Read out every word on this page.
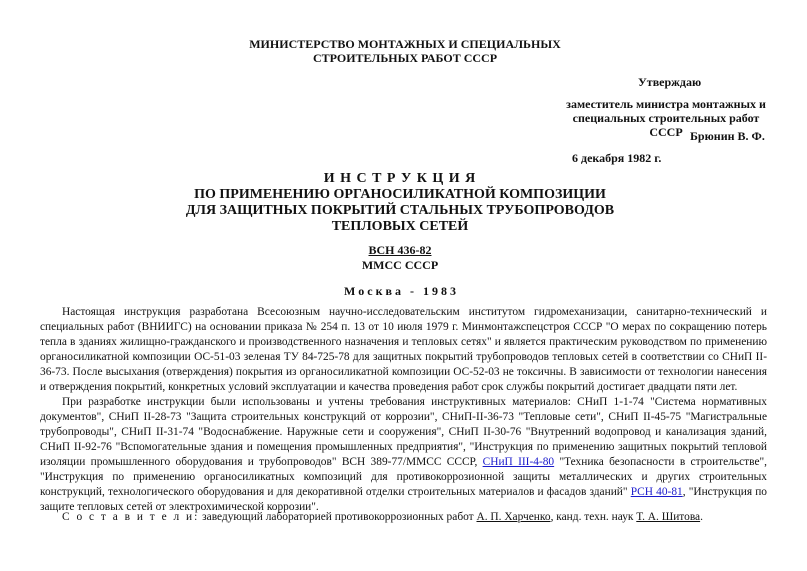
МИНИСТЕРСТВО МОНТАЖНЫХ И СПЕЦИАЛЬНЫХ
СТРОИТЕЛЬНЫХ РАБОТ СССР
Утверждаю
заместитель министра монтажных и
специальных строительных работ СССР Брюнин В. Ф.
6 декабря 1982 г.
И Н С Т Р У К Ц И Я
ПО ПРИМЕНЕНИЮ ОРГАНОСИЛИКАТНОЙ КОМПОЗИЦИИ
ДЛЯ ЗАЩИТНЫХ ПОКРЫТИЙ СТАЛЬНЫХ ТРУБОПРОВОДОВ
ТЕПЛОВЫХ СЕТЕЙ
ВСН 436-82
ММСС СССР
М о с к в а   -   1 9 8 3
Настоящая инструкция разработана Всесоюзным научно-исследовательским институтом гидромеханизации, санитарно-технический и специальных работ (ВНИИГС) на основании приказа № 254 п. 13 от 10 июля 1979 г. Минмонтажспецстроя СССР "О мерах по сокращению потерь тепла в зданиях жилищно-гражданского и производственного назначения и тепловых сетях" и является практическим руководством по применению органосиликатной композиции ОС-51-03 зеленая ТУ 84-725-78 для защитных покрытий трубопроводов тепловых сетей в соответствии со СНиП II-36-73. После высыхания (отверждения) покрытия из органосиликатной композиции ОС-52-03 не токсичны. В зависимости от технологии нанесения и отверждения покрытий, конкретных условий эксплуатации и качества проведения работ срок службы покрытий достигает двадцати пяти лет.
При разработке инструкции были использованы и учтены требования инструктивных материалов: СНиП 1-1-74 "Система нормативных документов", СНиП II-28-73 "Защита строительных конструкций от коррозии", СНиП-II-36-73 "Тепловые сети", СНиП II-45-75 "Магистральные трубопроводы", СНиП II-31-74 "Водоснабжение. Наружные сети и сооружения", СНиП II-30-76 "Внутренний водопровод и канализация зданий, СНиП II-92-76 "Вспомогательные здания и помещения промышленных предприятия", "Инструкция по применению защитных покрытий тепловой изоляции промышленного оборудования и трубопроводов" ВСН 389-77/ММСС СССР, СНиП III-4-80 "Техника безопасности в строительстве", "Инструкция по применению органосиликатных композиций для противокоррозионной защиты металлических и других строительных конструкций, технологического оборудования и для декоративной отделки строительных материалов и фасадов зданий" РСН 40-81, "Инструкция по защите тепловых сетей от электрохимической коррозии".
С о с т а в и т е л и: заведующий лабораторией противокоррозионных работ А. П. Харченко, канд. техн. наук Т. А. Шитова.
